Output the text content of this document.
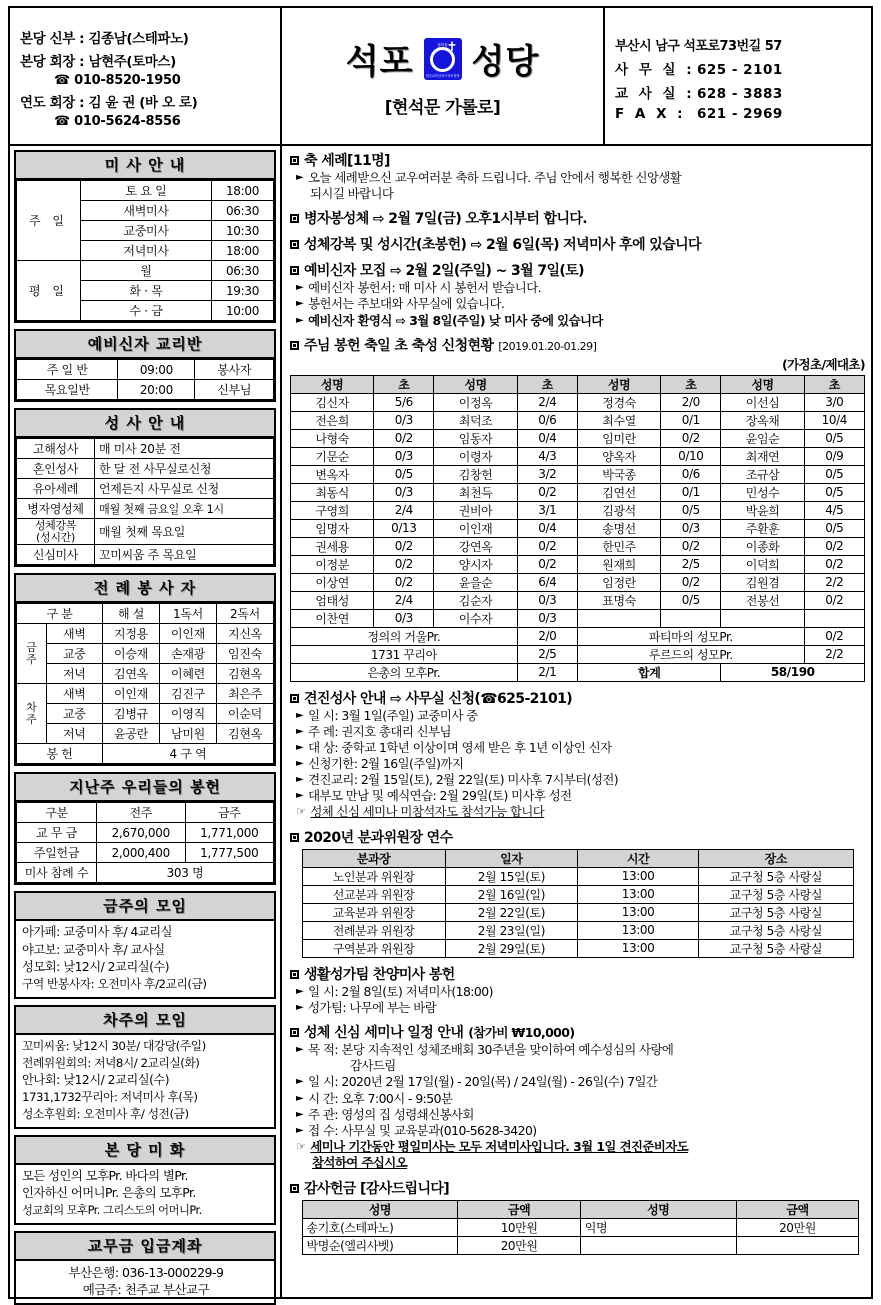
본당 신부 : 김종남(스테파노)
본당 회장 : 남현주(토마스)
☎ 010-8520-1950
연도 회장 : 김 윤 권 (바 오 로)
☎ 010-5624-8556
석포	평화를
빕니다
✝
천주교부산교구석포성당 성당
[현석문 가롤로]
부산시 남구 석포로73번길 57
사 무 실 : 625 - 2101
교 사 실 : 628 - 3883
F A X : 621 - 2969
미 사 안 내
주 일	토 요 일	18:00
	새벽미사	06:30
	교중미사	10:30
	저녁미사	18:00
평 일	월	06:30
	화 · 목	19:30
	수 · 금	10:00
예비신자 교리반
주 일 반	09:00	봉사자
목요일반	20:00	신부님
성 사 안 내
고해성사	매 미사 20분 전
혼인성사	한 달 전 사무실로신청
유아세례	언제든지 사무실로 신청
병자영성체	매월 첫째 금요일 오후 1시
성체강복
(성시간)	매월 첫째 목요일
신심미사	꼬미씨움 주 목요일
전 례 봉 사 자
구 분		해 설	1독서	2독서
금
주	새벽	지정용	이인재	지신옥
	교중	이승재	손재광	임진숙
	저녁	김연옥	이혜련	김현옥
차
주	새벽	이인재	김진구	최은주
	교중	김병규	이영직	이순덕
	저녁	윤공란	남미원	김현옥
봉 헌		4 구 역		
지난주 우리들의 봉헌
구분	전주	금주
교 무 금	2,670,000	1,771,000
주일헌금	2,000,400	1,777,500
미사 참례 수	303 명	
금주의 모임
아가페: 교중미사 후/ 4교리실
야고보: 교중미사 후/ 교사실
성모회: 낮12시/ 2교리실(수)
구역 반봉사자: 오전미사 후/2교리(금)
차주의 모임
꼬미씨움: 낮12시 30분/ 대강당(주일)
전례위원회의: 저녁8시/ 2교리실(화)
안나회: 낮12시/ 2교리실(수)
1731,1732꾸리아: 저녁미사 후(목)
성소후원회: 오전미사 후/ 성전(금)
본 당 미 화
모든 성인의 모후Pr. 바다의 별Pr.
인자하신 어머니Pr. 은총의 모후Pr.
성교회의 모후Pr. 그리스도의 어머니Pr.
교무금 입금계좌
부산은행: 036-13-000229-9
예금주: 천주교 부산교구
축 세례[11명]
► 오늘 세례받으신 교우여러분 축하 드립니다. 주님 안에서 행복한 신앙생활
되시길 바랍니다
병자봉성체 ⇨ 2월 7일(금) 오후1시부터 합니다.
성체강복 및 성시간(초봉헌) ⇨ 2월 6일(목) 저녁미사 후에 있습니다
예비신자 모집 ⇨ 2월 2일(주일) ~ 3월 7일(토)
► 예비신자 봉헌서: 매 미사 시 봉헌서 받습니다.
► 봉헌서는 주보대와 사무실에 있습니다.
► 예비신자 환영식 ⇨ 3월 8일(주일) 낮 미사 중에 있습니다
주님 봉헌 축일 초 축성 신청현황 [2019.01.20-01.29]
(가정초/제대초)
성명	초	성명	초	성명	초	성명	초
김신자	5/6	이정옥	2/4	정경숙	2/0	이선심	3/0
전은희	0/3	최덕조	0/6	최수열	0/1	장옥채	10/4
나형숙	0/2	임동자	0/4	임미란	0/2	윤임순	0/5
기문순	0/3	이령자	4/3	양옥자	0/10	최재연	0/9
변옥자	0/5	김창헌	3/2	박국종	0/6	조규삼	0/5
최동식	0/3	최천득	0/2	김연선	0/1	민성수	0/5
구영희	2/4	권비아	3/1	김광석	0/5	박윤희	4/5
임명자	0/13	이인재	0/4	송명선	0/3	주환훈	0/5
권세용	0/2	강연옥	0/2	한민주	0/2	이종화	0/2
이정분	0/2	양시자	0/2	원재희	2/5	이덕희	0/2
이상연	0/2	윤을순	6/4	임정란	0/2	김원겸	2/2
엄태성	2/4	김순자	0/3	표명숙	0/5	전봉선	0/2
이찬연	0/3	이수자	0/3				
정의의 거울Pr.			2/0	파티마의 성모Pr.			0/2
1731 꾸리아			2/5	루르드의 성모Pr.			2/2
은총의 모후Pr.			2/1	합계		58/190	
견진성사 안내 ⇨ 사무실 신청(☎625-2101)
► 일 시: 3월 1일(주일) 교중미사 중
► 주 례: 권지호 총대리 신부님
► 대 상: 중학교 1학년 이상이며 영세 받은 후 1년 이상인 신자
► 신청기한: 2월 16일(주일)까지
► 견진교리: 2월 15일(토), 2월 22일(토) 미사후 7시부터(성전)
► 대부모 만남 및 예식연습: 2월 29일(토) 미사후 성전
☞ 성체 신심 세미나 미참석자도 참석가능 합니다
2020년 분과위원장 연수
분과장	일자	시간	장소
노인분과 위원장	2월 15일(토)	13:00	교구청 5층 사랑실
선교분과 위원장	2월 16일(일)	13:00	교구청 5층 사랑실
교육분과 위원장	2월 22일(토)	13:00	교구청 5층 사랑실
전례분과 위원장	2월 23일(일)	13:00	교구청 5층 사랑실
구역분과 위원장	2월 29일(토)	13:00	교구청 5층 사랑실
생활성가팀 찬양미사 봉헌
► 일 시: 2월 8일(토) 저녁미사(18:00)
► 성가팀: 나무에 부는 바람
성체 신심 세미나 일정 안내 (참가비 ₩10,000)
► 목 적: 본당 지속적인 성체조배회 30주년을 맞이하여 예수성심의 사랑에
감사드림
► 일 시: 2020년 2월 17일(월) - 20일(목) / 24일(월) - 26일(수) 7일간
► 시 간: 오후 7:00시 - 9:50분
► 주 관: 영성의 집 성령쇄신봉사회
► 접 수: 사무실 및 교육분과(010-5628-3420)
☞ 세미나 기간동안 평일미사는 모두 저녁미사입니다. 3월 1일 견진준비자도
참석하여 주십시오
감사헌금 [감사드립니다]
성명	금액	성명	금액
송기호(스테파노)	10만원	익명	20만원
박명순(엘리사벳)	20만원		
